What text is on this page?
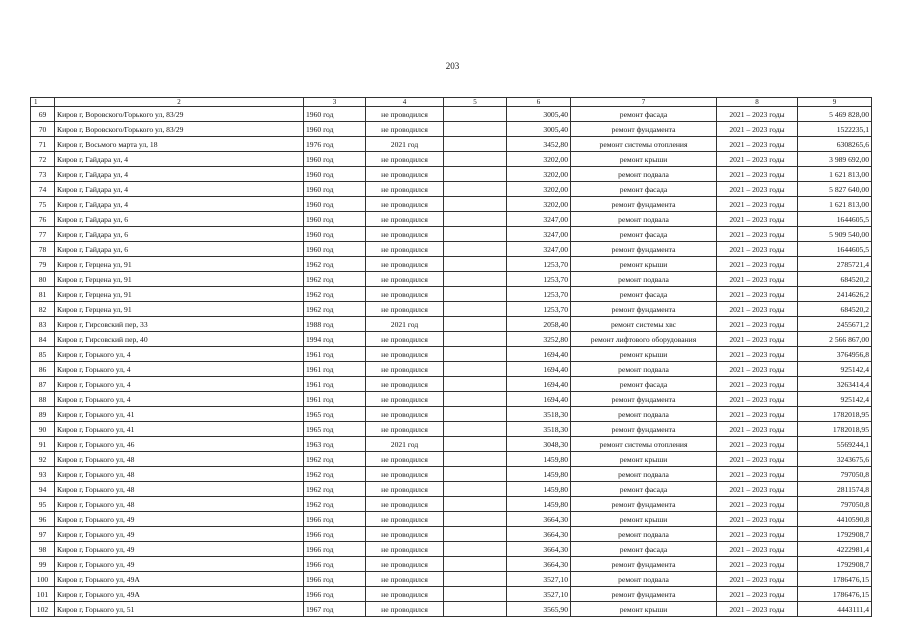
203
1	2	3	4	5	6	7	8	9
69	Киров г, Воровского/Горького ул, 83/29	1960 год	не проводился		3005,40	ремонт фасада	2021 – 2023 годы	5 469 828,00
70	Киров г, Воровского/Горького ул, 83/29	1960 год	не проводился		3005,40	ремонт фундамента	2021 – 2023 годы	1522235,1
71	Киров г, Восьмого марта ул, 18	1976 год	2021 год		3452,80	ремонт системы отопления	2021 – 2023 годы	6308265,6
72	Киров г, Гайдара ул, 4	1960 год	не проводился		3202,00	ремонт крыши	2021 – 2023 годы	3 989 692,00
73	Киров г, Гайдара ул, 4	1960 год	не проводился		3202,00	ремонт подвала	2021 – 2023 годы	1 621 813,00
74	Киров г, Гайдара ул, 4	1960 год	не проводился		3202,00	ремонт фасада	2021 – 2023 годы	5 827 640,00
75	Киров г, Гайдара ул, 4	1960 год	не проводился		3202,00	ремонт фундамента	2021 – 2023 годы	1 621 813,00
76	Киров г, Гайдара ул, 6	1960 год	не проводился		3247,00	ремонт подвала	2021 – 2023 годы	1644605,5
77	Киров г, Гайдара ул, 6	1960 год	не проводился		3247,00	ремонт фасада	2021 – 2023 годы	5 909 540,00
78	Киров г, Гайдара ул, 6	1960 год	не проводился		3247,00	ремонт фундамента	2021 – 2023 годы	1644605,5
79	Киров г, Герцена ул, 91	1962 год	не проводился		1253,70	ремонт крыши	2021 – 2023 годы	2785721,4
80	Киров г, Герцена ул, 91	1962 год	не проводился		1253,70	ремонт подвала	2021 – 2023 годы	684520,2
81	Киров г, Герцена ул, 91	1962 год	не проводился		1253,70	ремонт фасада	2021 – 2023 годы	2414626,2
82	Киров г, Герцена ул, 91	1962 год	не проводился		1253,70	ремонт фундамента	2021 – 2023 годы	684520,2
83	Киров г, Гирсовский пер, 33	1988 год	2021 год		2058,40	ремонт системы хвс	2021 – 2023 годы	2455671,2
84	Киров г, Гирсовский пер, 40	1994 год	не проводился		3252,80	ремонт лифтового оборудования	2021 – 2023 годы	2 566 867,00
85	Киров г, Горького ул, 4	1961 год	не проводился		1694,40	ремонт крыши	2021 – 2023 годы	3764956,8
86	Киров г, Горького ул, 4	1961 год	не проводился		1694,40	ремонт подвала	2021 – 2023 годы	925142,4
87	Киров г, Горького ул, 4	1961 год	не проводился		1694,40	ремонт фасада	2021 – 2023 годы	3263414,4
88	Киров г, Горького ул, 4	1961 год	не проводился		1694,40	ремонт фундамента	2021 – 2023 годы	925142,4
89	Киров г, Горького ул, 41	1965 год	не проводился		3518,30	ремонт подвала	2021 – 2023 годы	1782018,95
90	Киров г, Горького ул, 41	1965 год	не проводился		3518,30	ремонт фундамента	2021 – 2023 годы	1782018,95
91	Киров г, Горького ул, 46	1963 год	2021 год		3048,30	ремонт системы отопления	2021 – 2023 годы	5569244,1
92	Киров г, Горького ул, 48	1962 год	не проводился		1459,80	ремонт крыши	2021 – 2023 годы	3243675,6
93	Киров г, Горького ул, 48	1962 год	не проводился		1459,80	ремонт подвала	2021 – 2023 годы	797050,8
94	Киров г, Горького ул, 48	1962 год	не проводился		1459,80	ремонт фасада	2021 – 2023 годы	2811574,8
95	Киров г, Горького ул, 48	1962 год	не проводился		1459,80	ремонт фундамента	2021 – 2023 годы	797050,8
96	Киров г, Горького ул, 49	1966 год	не проводился		3664,30	ремонт крыши	2021 – 2023 годы	4410590,8
97	Киров г, Горького ул, 49	1966 год	не проводился		3664,30	ремонт подвала	2021 – 2023 годы	1792908,7
98	Киров г, Горького ул, 49	1966 год	не проводился		3664,30	ремонт фасада	2021 – 2023 годы	4222981,4
99	Киров г, Горького ул, 49	1966 год	не проводился		3664,30	ремонт фундамента	2021 – 2023 годы	1792908,7
100	Киров г, Горького ул, 49А	1966 год	не проводился		3527,10	ремонт подвала	2021 – 2023 годы	1786476,15
101	Киров г, Горького ул, 49А	1966 год	не проводился		3527,10	ремонт фундамента	2021 – 2023 годы	1786476,15
102	Киров г, Горького ул, 51	1967 год	не проводился		3565,90	ремонт крыши	2021 – 2023 годы	4443111,4
